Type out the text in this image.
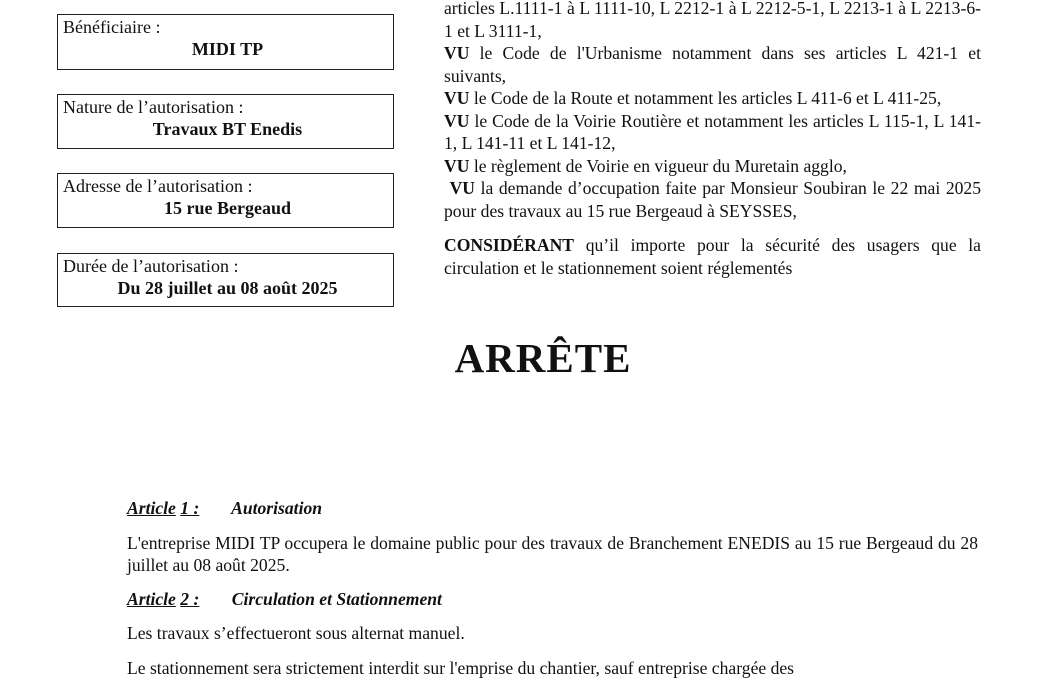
Bénéficiaire :
MIDI TP
Nature de l’autorisation :
Travaux BT Enedis
Adresse de l’autorisation :
15 rue Bergeaud
Durée de l’autorisation :
Du 28 juillet au 08 août 2025

articles L.1111-1 à L 1111-10, L 2212-1 à L 2212-5-1, L 2213-1 à L 2213-6-1 et L 3111-1,

VU le Code de l'Urbanisme notamment dans ses articles L 421-1 et suivants,

VU le Code de la Route et notamment les articles L 411-6 et L 411-25,

VU le Code de la Voirie Routière et notamment les articles L 115-1, L 141-1, L 141-11 et L 141-12,

VU le règlement de Voirie en vigueur du Muretain agglo,

VU la demande d’occupation faite par Monsieur Soubiran le 22 mai 2025 pour des travaux au 15 rue Bergeaud à SEYSSES,

CONSIDÉRANT qu’il importe pour la sécurité des usagers que la circulation et le stationnement soient réglementés

ARRÊTE

Article 1 : Autorisation

L'entreprise MIDI TP occupera le domaine public pour des travaux de Branchement ENEDIS au 15 rue Bergeaud du 28 juillet au 08 août 2025.

Article 2 : Circulation et Stationnement

Les travaux s’effectueront sous alternat manuel.

Le stationnement sera strictement interdit sur l'emprise du chantier, sauf entreprise chargée des
